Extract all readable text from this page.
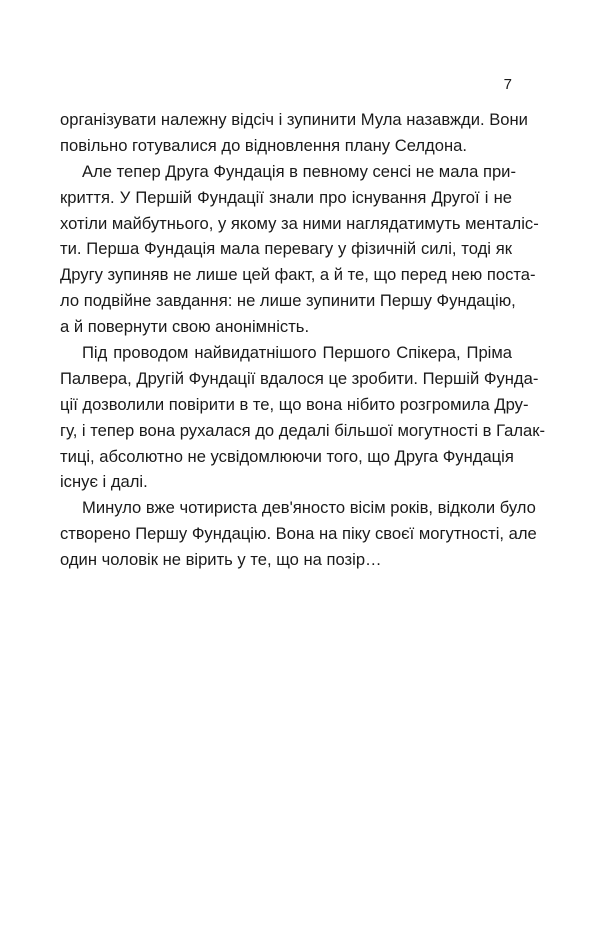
7
організувати належну відсіч і зупинити Мула назавжди. Вони
повільно готувалися до відновлення плану Селдона.
Але тепер Друга Фундація в певному сенсі не мала при-
криття. У Першій Фундації знали про існування Другої і не
хотіли майбутнього, у якому за ними наглядатимуть менталіс-
ти. Перша Фундація мала перевагу у фізичній силі, тоді як
Другу зупиняв не лише цей факт, а й те, що перед нею поста-
ло подвійне завдання: не лише зупинити Першу Фундацію,
а й повернути свою анонімність.
Під проводом найвидатнішого Першого Спікера, Пріма
Палвера, Другій Фундації вдалося це зробити. Першій Фунда-
ції дозволили повірити в те, що вона нібито розгромила Дру-
гу, і тепер вона рухалася до дедалі більшої могутності в Галак-
тиці, абсолютно не усвідомлюючи того, що Друга Фундація
існує і далі.
Минуло вже чотириста дев'яносто вісім років, відколи було
створено Першу Фундацію. Вона на піку своєї могутності, але
один чоловік не вірить у те, що на позір…
